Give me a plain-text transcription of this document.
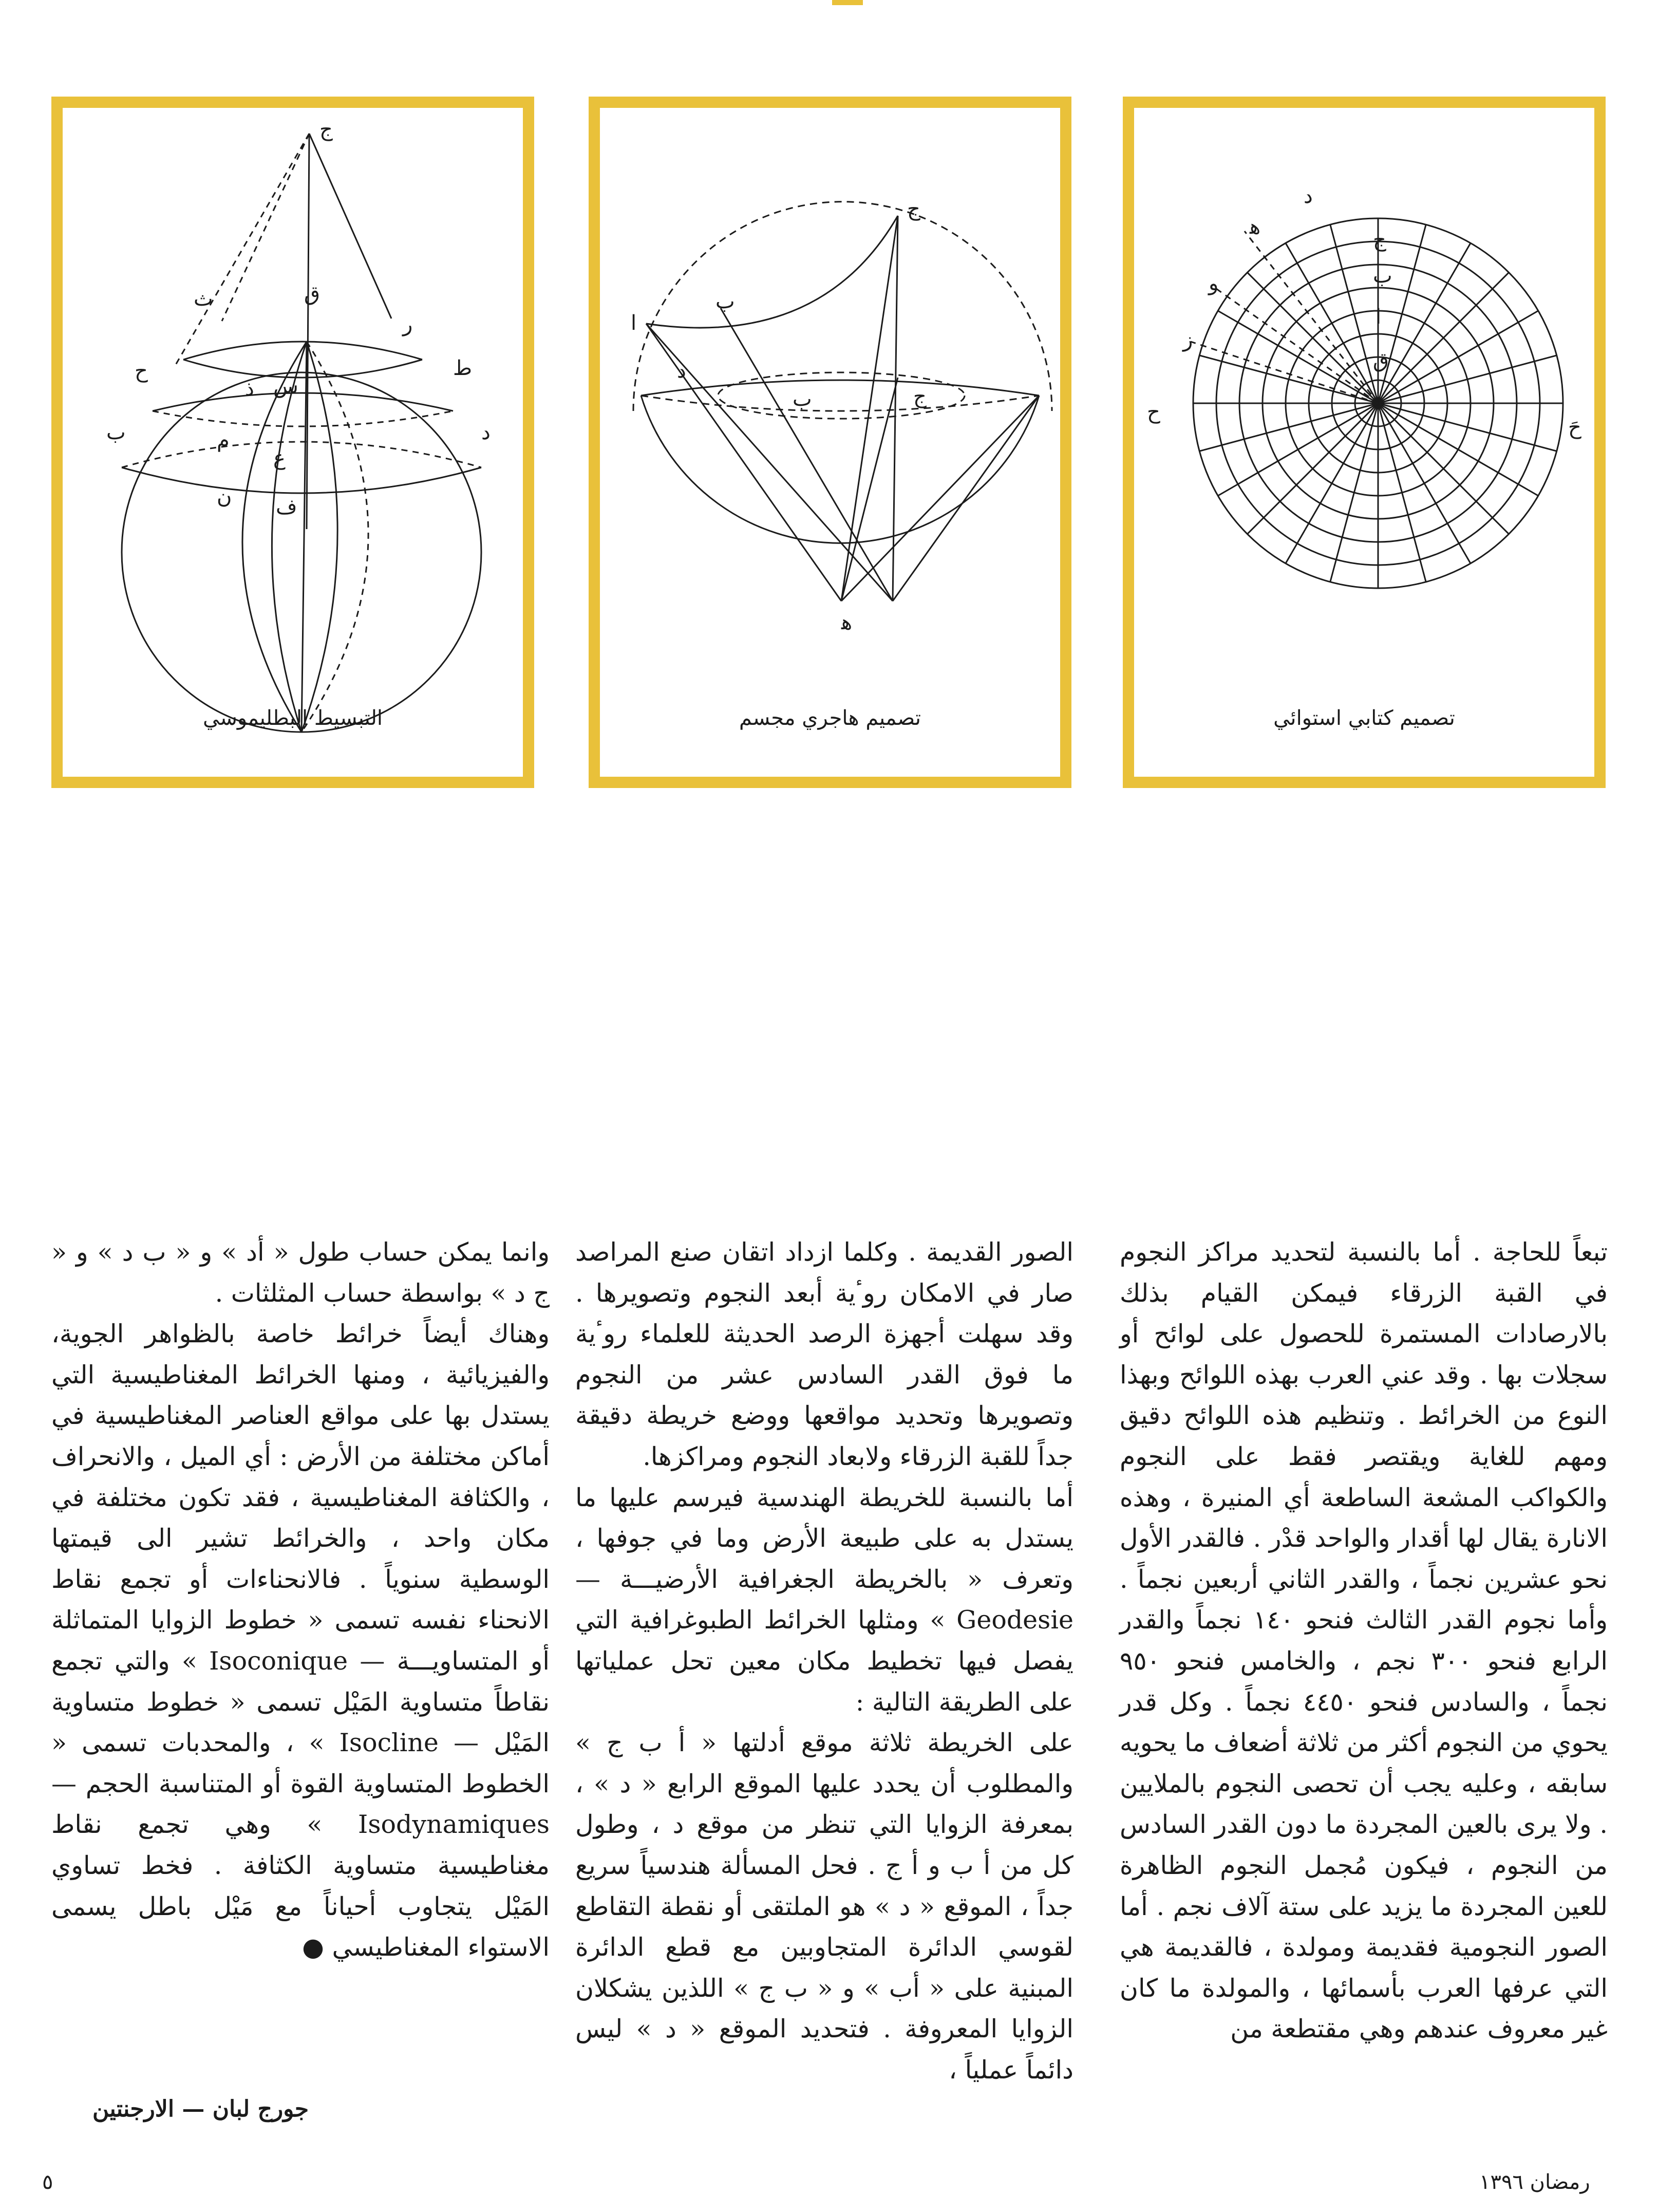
ج
ق
ر
ث
ح	ط
ب	د
س
ذ
م
ع
ن ف
التبسيط البطليموسي
ج
ا
ب
د
ب	ج
ﻫ
تصميم هاجري مجسم
د
ﻫ
و
ز
ح
ج
ب
ا
ق
حَ
تصميم كتابي استوائي

تبعاً للحاجة . أما بالنسبة لتحديد مراكز النجوم في القبة الزرقاء فيمكن القيام بذلك بالارصادات المستمرة للحصول على لوائح أو سجلات بها . وقد عني العرب بهذه اللوائح وبهذا النوع من الخرائط . وتنظيم هذه اللوائح دقيق ومهم للغاية ويقتصر فقط على النجوم والكواكب المشعة الساطعة أي المنيرة ، وهذه الانارة يقال لها أقدار والواحد قدْر . فالقدر الأول نحو عشرين نجماً ، والقدر الثاني أربعين نجماً . وأما نجوم القدر الثالث فنحو ١٤٠ نجماً والقدر الرابع فنحو ٣٠٠ نجم ، والخامس فنحو ٩٥٠ نجماً ، والسادس فنحو ٤٤٥٠ نجماً . وكل قدر يحوي من النجوم أكثر من ثلاثة أضعاف ما يحويه سابقه ، وعليه يجب أن تحصى النجوم بالملايين . ولا يرى بالعين المجردة ما دون القدر السادس من النجوم ، فيكون مُجمل النجوم الظاهرة للعين المجردة ما يزيد على ستة آلاف نجم . أما الصور النجومية فقديمة ومولدة ، فالقديمة هي التي عرفها العرب بأسمائها ، والمولدة ما كان غير معروف عندهم وهي مقتطعة من

الصور القديمة . وكلما ازداد اتقان صنع المراصد صار في الامكان روٴية أبعد النجوم وتصويرها . وقد سهلت أجهزة الرصد الحديثة للعلماء روٴية ما فوق القدر السادس عشر من النجوم وتصويرها وتحديد مواقعها ووضع خريطة دقيقة جداً للقبة الزرقاء ولابعاد النجوم ومراكزها.

أما بالنسبة للخريطة الهندسية فيرسم عليها ما يستدل به على طبيعة الأرض وما في جوفها ، وتعرف « بالخريطة الجغرافية الأرضيـــة — Geodesie » ومثلها الخرائط الطبوغرافية التي يفصل فيها تخطيط مكان معين تحل عملياتها على الطريقة التالية :

على الخريطة ثلاثة موقع أدلتها « أ ب ج » والمطلوب أن يحدد عليها الموقع الرابع « د » ، بمعرفة الزوايا التي تنظر من موقع د ، وطول كل من أ ب و أ ج . فحل المسألة هندسياً سريع جداً ، الموقع « د » هو الملتقى أو نقطة التقاطع لقوسي الدائرة المتجاوبين مع قطع الدائرة المبنية على « أب » و « ب ج » اللذين يشكلان الزوايا المعروفة . فتحديد الموقع « د » ليس دائماً عملياً ،

وانما يمكن حساب طول « أد » و « ب د » و « ج د » بواسطة حساب المثلثات .

وهناك أيضاً خرائط خاصة بالظواهر الجوية، والفيزيائية ، ومنها الخرائط المغناطيسية التي يستدل بها على مواقع العناصر المغناطيسية في أماكن مختلفة من الأرض : أي الميل ، والانحراف ، والكثافة المغناطيسية ، فقد تكون مختلفة في مكان واحد ، والخرائط تشير الى قيمتها الوسطية سنوياً . فالانحناءات أو تجمع نقاط الانحناء نفسه تسمى « خطوط الزوايا المتماثلة أو المتساويـــة — Isoconique » والتي تجمع نقاطاً متساوية المَيْل تسمى « خطوط متساوية المَيْل — Isocline » ، والمحدبات تسمى « الخطوط المتساوية القوة أو المتناسبة الحجم — Isodynamiques » وهي تجمع نقاط مغناطيسية متساوية الكثافة . فخط تساوي المَيْل يتجاوب أحياناً مع مَيْل باطل يسمى الاستواء المغناطيسي ●

جورج لبان — الارجنتين
٥	رمضان ١٣٩٦
